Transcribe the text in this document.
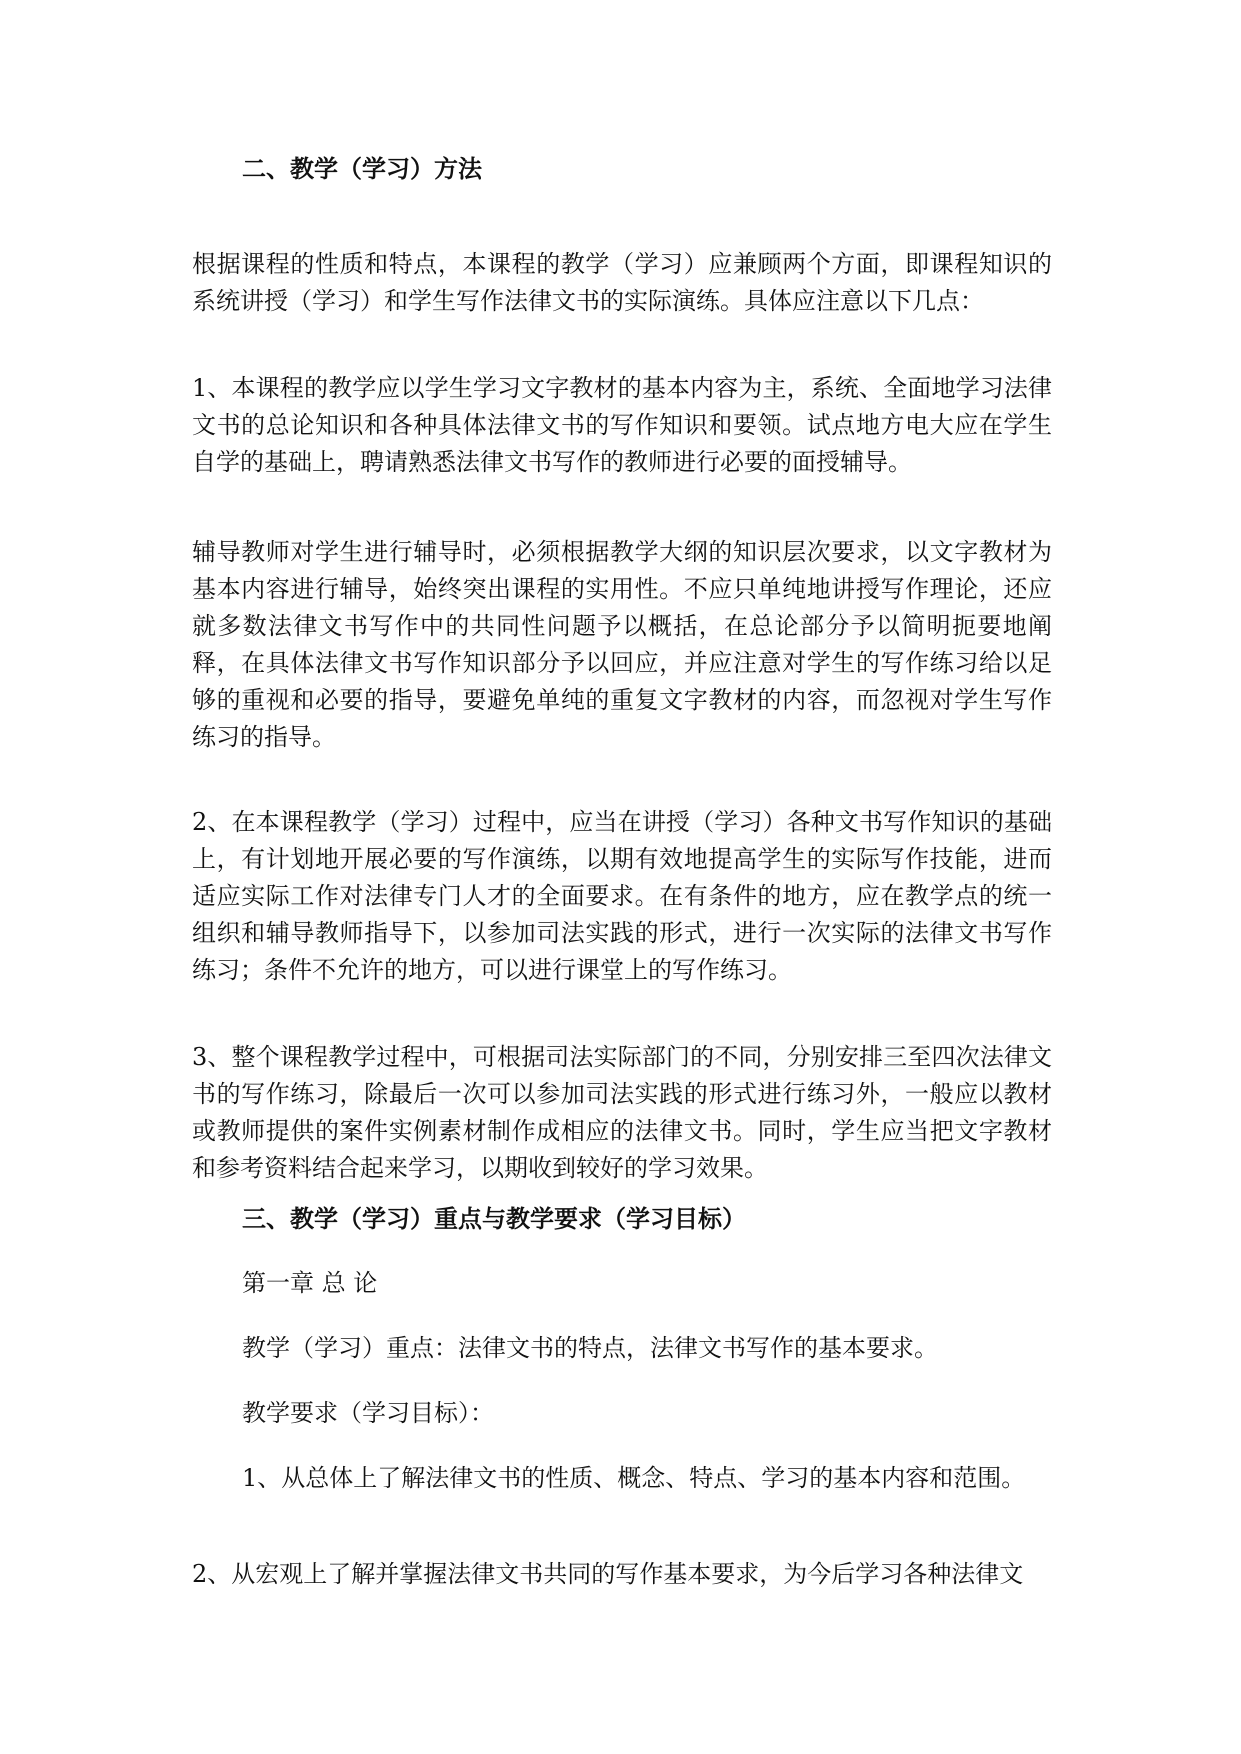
二、教学（学习）方法

根据课程的性质和特点，本课程的教学（学习）应兼顾两个方面，即课程知识的系统讲授（学习）和学生写作法律文书的实际演练。具体应注意以下几点：

1、本课程的教学应以学生学习文字教材的基本内容为主，系统、全面地学习法律文书的总论知识和各种具体法律文书的写作知识和要领。试点地方电大应在学生自学的基础上，聘请熟悉法律文书写作的教师进行必要的面授辅导。

辅导教师对学生进行辅导时，必须根据教学大纲的知识层次要求，以文字教材为基本内容进行辅导，始终突出课程的实用性。不应只单纯地讲授写作理论，还应就多数法律文书写作中的共同性问题予以概括，在总论部分予以简明扼要地阐释，在具体法律文书写作知识部分予以回应，并应注意对学生的写作练习给以足够的重视和必要的指导，要避免单纯的重复文字教材的内容，而忽视对学生写作练习的指导。

2、在本课程教学（学习）过程中，应当在讲授（学习）各种文书写作知识的基础上，有计划地开展必要的写作演练，以期有效地提高学生的实际写作技能，进而适应实际工作对法律专门人才的全面要求。在有条件的地方，应在教学点的统一组织和辅导教师指导下，以参加司法实践的形式，进行一次实际的法律文书写作练习；条件不允许的地方，可以进行课堂上的写作练习。

3、整个课程教学过程中，可根据司法实际部门的不同，分别安排三至四次法律文书的写作练习，除最后一次可以参加司法实践的形式进行练习外，一般应以教材或教师提供的案件实例素材制作成相应的法律文书。同时，学生应当把文字教材和参考资料结合起来学习，以期收到较好的学习效果。

三、教学（学习）重点与教学要求（学习目标）

第一章 总 论

教学（学习）重点：法律文书的特点，法律文书写作的基本要求。

教学要求（学习目标）：

1、从总体上了解法律文书的性质、概念、特点、学习的基本内容和范围。

2、从宏观上了解并掌握法律文书共同的写作基本要求，为今后学习各种法律文
